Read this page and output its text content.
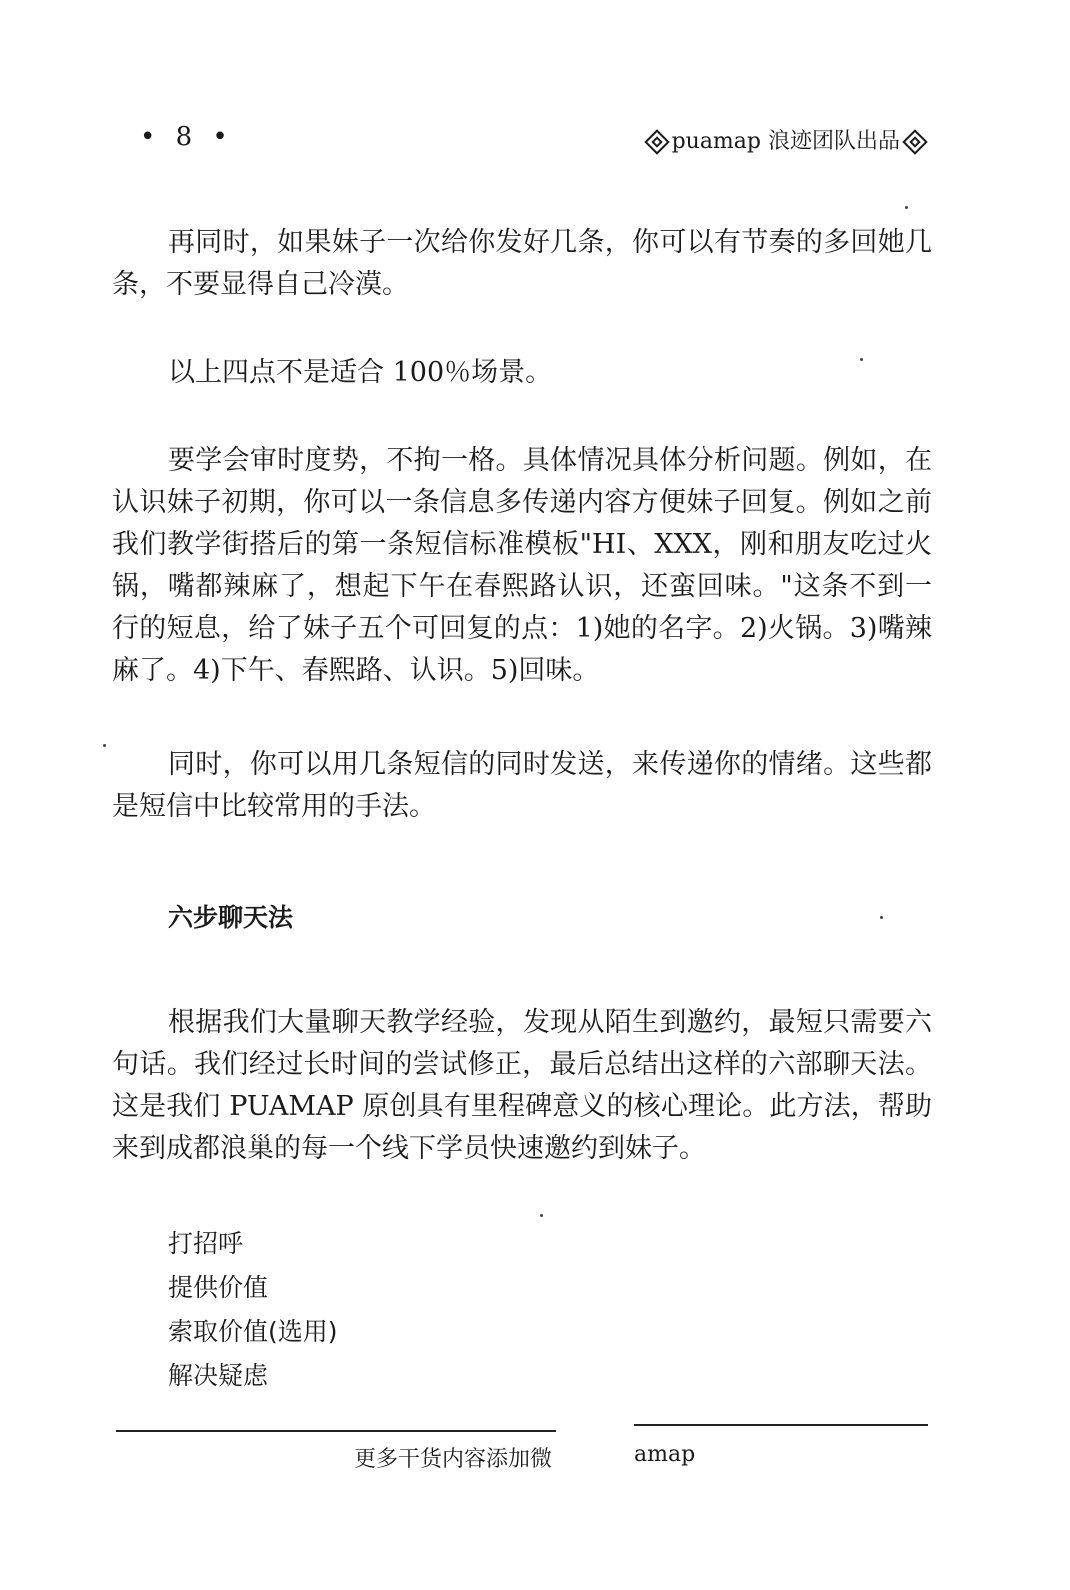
• 8 •	puamap 浪迹团队出品

再同时，如果妹子一次给你发好几条，你可以有节奏的多回她几条，不要显得自己冷漠。

以上四点不是适合 100％场景。

要学会审时度势，不拘一格。具体情况具体分析问题。例如，在认识妹子初期，你可以一条信息多传递内容方便妹子回复。例如之前我们教学街搭后的第一条短信标准模板"HI、XXX，刚和朋友吃过火锅，嘴都辣麻了，想起下午在春熙路认识，还蛮回味。"这条不到一行的短息，给了妹子五个可回复的点：1)她的名字。2)火锅。3)嘴辣麻了。4)下午、春熙路、认识。5)回味。

同时，你可以用几条短信的同时发送，来传递你的情绪。这些都是短信中比较常用的手法。

六步聊天法

根据我们大量聊天教学经验，发现从陌生到邀约，最短只需要六句话。我们经过长时间的尝试修正，最后总结出这样的六部聊天法。这是我们 PUAMAP 原创具有里程碑意义的核心理论。此方法，帮助来到成都浪巢的每一个线下学员快速邀约到妹子。

打招呼
提供价值
索取价值(选用)
解决疑虑
更多干货内容添加微	amap
